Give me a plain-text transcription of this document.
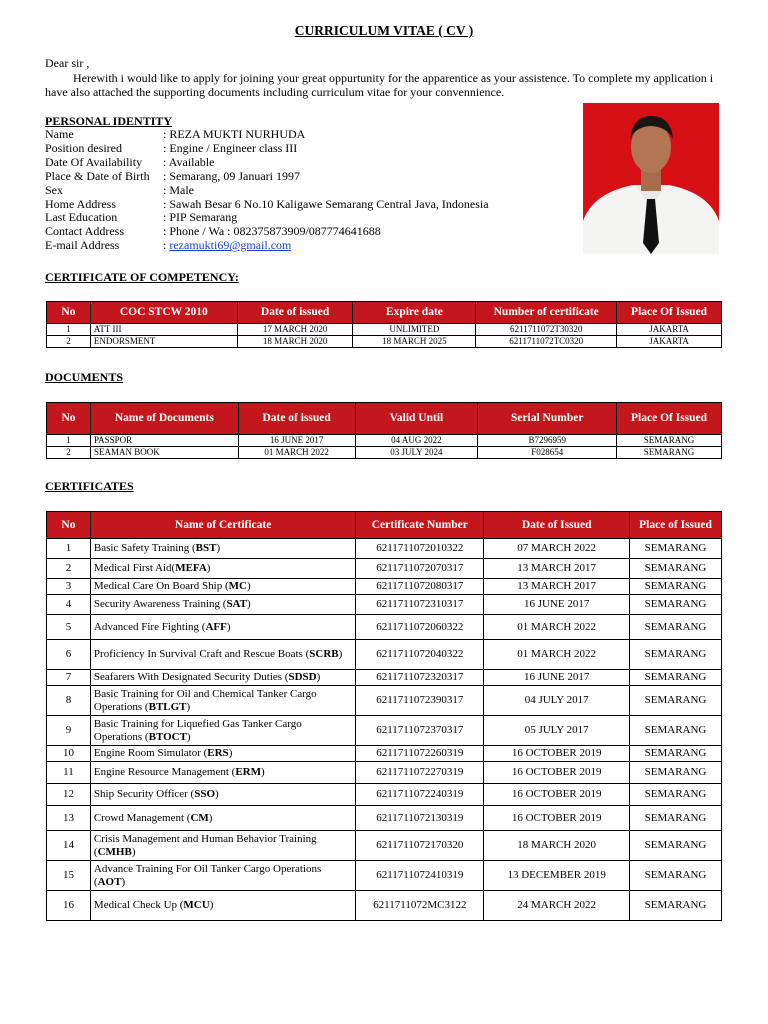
CURRICULUM VITAE ( CV )
Dear sir ,
Herewith i would like to apply for joining your great oppurtunity for the apparentice as your assistence. To complete my application i have also attached the supporting documents including curriculum vitae for your convennience.
PERSONAL IDENTITY
Name	: REZA MUKTI NURHUDA
Position desired	: Engine / Engineer class III
Date Of Availability	: Available
Place & Date of Birth	: Semarang, 09 Januari 1997
Sex	: Male
Home Address	: Sawah Besar 6 No.10 Kaligawe Semarang Central Java, Indonesia
Last Education	: PIP Semarang
Contact Address	: Phone / Wa : 082375873909/087774641688
E-mail Address	: rezamukti69@gmail.com
CERTIFICATE OF COMPETENCY:
No	COC STCW 2010	Date of issued	Expire date	Number of certificate	Place Of Issued
1	ATT III	17 MARCH 2020	UNLIMITED	6211711072T30320	JAKARTA
2	ENDORSMENT	18 MARCH 2020	18 MARCH 2025	6211711072TC0320	JAKARTA
DOCUMENTS
No	Name of Documents	Date of issued	Valid Until	Serial Number	Place Of Issued
1	PASSPOR	16 JUNE 2017	04 AUG 2022	B7296959	SEMARANG
2	SEAMAN BOOK	01 MARCH 2022	03 JULY 2024	F028654	SEMARANG
CERTIFICATES
No	Name of Certificate	Certificate Number	Date of Issued	Place of Issued
1	Basic Safety Training (BST)	6211711072010322	07 MARCH 2022	SEMARANG
2	Medical First Aid(MEFA)	6211711072070317	13 MARCH 2017	SEMARANG
3	Medical Care On Board Ship (MC)	6211711072080317	13 MARCH 2017	SEMARANG
4	Security Awareness Training (SAT)	6211711072310317	16 JUNE 2017	SEMARANG
5	Advanced Fire Fighting (AFF)	6211711072060322	01 MARCH 2022	SEMARANG
6	Proficiency In Survival Craft and Rescue Boats (SCRB)	6211711072040322	01 MARCH 2022	SEMARANG
7	Seafarers With Designated Security Duties (SDSD)	6211711072320317	16 JUNE 2017	SEMARANG
8	Basic Training for Oil and Chemical Tanker Cargo Operations (BTLGT)	6211711072390317	04 JULY 2017	SEMARANG
9	Basic Training for Liquefied Gas Tanker Cargo Operations (BTOCT)	6211711072370317	05 JULY 2017	SEMARANG
10	Engine Room Simulator (ERS)	6211711072260319	16 OCTOBER 2019	SEMARANG
11	Engine Resource Management (ERM)	6211711072270319	16 OCTOBER 2019	SEMARANG
12	Ship Security Officer (SSO)	6211711072240319	16 OCTOBER 2019	SEMARANG
13	Crowd Management (CM)	6211711072130319	16 OCTOBER 2019	SEMARANG
14	Crisis Management and Human Behavior Training (CMHB)	6211711072170320	18 MARCH 2020	SEMARANG
15	Advance Training For Oil Tanker Cargo Operations (AOT)	6211711072410319	13 DECEMBER 2019	SEMARANG
16	Medical Check Up (MCU)	6211711072MC3122	24 MARCH 2022	SEMARANG
